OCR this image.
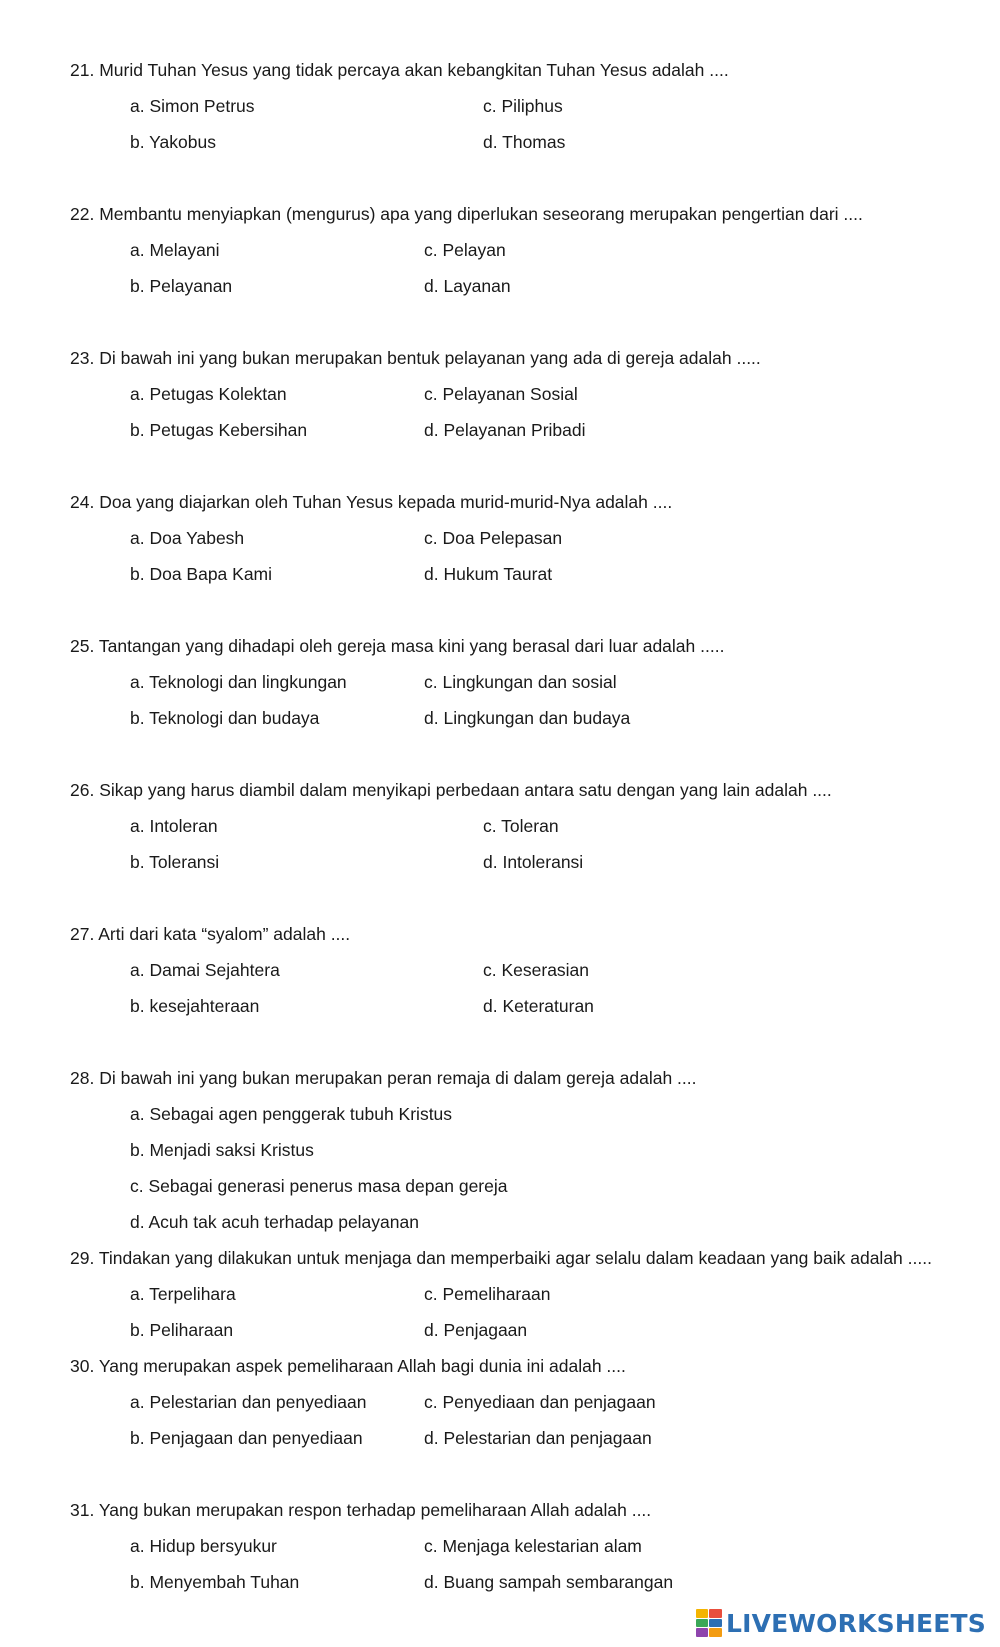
21. Murid Tuhan Yesus yang tidak percaya akan kebangkitan Tuhan Yesus adalah ....
a. Simon Petrus	c. Piliphus
b. Yakobus	d. Thomas
22. Membantu menyiapkan (mengurus) apa yang diperlukan seseorang merupakan pengertian dari ....
a. Melayani	c. Pelayan
b. Pelayanan	d. Layanan
23. Di bawah ini yang bukan merupakan bentuk pelayanan yang ada di gereja adalah .....
a. Petugas Kolektan	c. Pelayanan Sosial
b. Petugas Kebersihan	d. Pelayanan Pribadi
24. Doa yang diajarkan oleh Tuhan Yesus kepada murid-murid-Nya adalah ....
a. Doa Yabesh	c. Doa Pelepasan
b. Doa Bapa Kami	d. Hukum Taurat
25. Tantangan yang dihadapi oleh gereja masa kini yang berasal dari luar adalah .....
a. Teknologi dan lingkungan	c. Lingkungan dan sosial
b. Teknologi dan budaya	d. Lingkungan dan budaya
26. Sikap yang harus diambil dalam menyikapi perbedaan antara satu dengan yang lain adalah ....
a. Intoleran	c. Toleran
b. Toleransi	d. Intoleransi
27. Arti dari kata “syalom” adalah ....
a. Damai Sejahtera	c. Keserasian
b. kesejahteraan	d. Keteraturan
28. Di bawah ini yang bukan merupakan peran remaja di dalam gereja adalah ....
a. Sebagai agen penggerak tubuh Kristus
b. Menjadi saksi Kristus
c. Sebagai generasi penerus masa depan gereja
d. Acuh tak acuh terhadap pelayanan
29. Tindakan yang dilakukan untuk menjaga dan memperbaiki agar selalu dalam keadaan yang baik adalah .....
a. Terpelihara	c. Pemeliharaan
b. Peliharaan	d. Penjagaan
30. Yang merupakan aspek pemeliharaan Allah bagi dunia ini adalah ....
a. Pelestarian dan penyediaan	c. Penyediaan dan penjagaan
b. Penjagaan dan penyediaan	d. Pelestarian dan penjagaan
31. Yang bukan merupakan respon terhadap pemeliharaan Allah adalah ....
a. Hidup bersyukur	c. Menjaga kelestarian alam
b. Menyembah Tuhan	d. Buang sampah sembarangan
LIVEWORKSHEETS
